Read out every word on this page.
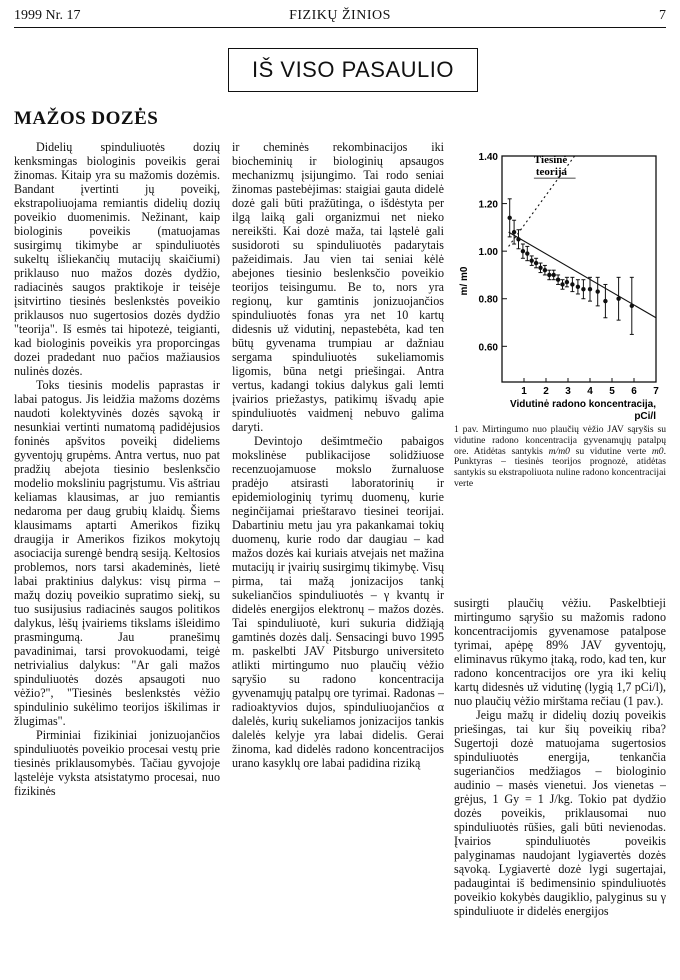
1999 Nr. 17	FIZIKŲ ŽINIOS	7
IŠ VISO PASAULIO
MAŽOS DOZĖS

Didelių spinduliuotės dozių kenksmingas biologinis poveikis gerai žinomas. Kitaip yra su mažomis dozėmis. Bandant įvertinti jų poveikį, ekstrapoliuojama remiantis didelių dozių poveikio duomenimis. Nežinant, kaip biologinis poveikis (matuojamas susirgimų tikimybe ar spinduliuotės sukeltų išliekančių mutacijų skaičiumi) priklauso nuo mažos dozės dydžio, radiacinės saugos praktikoje ir teisėje įsitvirtino tiesinės beslenkstės poveikio priklausos nuo sugertosios dozės dydžio "teorija". Iš esmės tai hipotezė, teigianti, kad biologinis poveikis yra proporcingas dozei pradedant nuo pačios mažiausios nulinės dozės.

Toks tiesinis modelis paprastas ir labai patogus. Jis leidžia mažoms dozėms naudoti kolektyvinės dozės sąvoką ir nesunkiai vertinti numatomą padidėjusios foninės apšvitos poveikį dideliems gyventojų grupėms. Antra vertus, nuo pat pradžių abejota tiesinio beslenksčio modelio moksliniu pagrįstumu. Vis aštriau keliamas klausimas, ar juo remiantis nedaroma per daug grubių klaidų. Šiems klausimams aptarti Amerikos fizikų draugija ir Amerikos fizikos mokytojų asociacija surengė bendrą sesiją. Keltosios problemos, nors tarsi akademinės, lietė labai praktinius dalykus: visų pirma – mažų dozių poveikio supratimo siekį, su tuo susijusius radiacinės saugos politikos dalykus, lėšų įvairiems tikslams išleidimo prasmingumą. Jau pranešimų pavadinimai, tarsi provokuodami, teigė netrivialius dalykus: "Ar gali mažos spinduliuotės dozės apsaugoti nuo vėžio?", "Tiesinės beslenkstės vėžio spindulinio sukėlimo teorijos iškilimas ir žlugimas".

Pirminiai fizikiniai jonizuojančios spinduliuotės poveikio procesai vestų prie tiesinės priklausomybės. Tačiau gyvojoje ląstelėje vyksta atsistatymo procesai, nuo fizikinės

ir cheminės rekombinacijos iki biocheminių ir biologinių apsaugos mechanizmų įsijungimo. Tai rodo seniai žinomas pastebėjimas: staigiai gauta didelė dozė gali būti pražūtinga, o išdėstyta per ilgą laiką gali organizmui net nieko nereikšti. Kai dozė maža, tai ląstelė gali susidoroti su spinduliuotės padarytais pažeidimais. Jau vien tai seniai kėlė abejones tiesinio beslenksčio poveikio teorijos teisingumu. Be to, nors yra regionų, kur gamtinis jonizuojančios spinduliuotės fonas yra net 10 kartų didesnis už vidutinį, nepastebėta, kad ten būtų gyvenama trumpiau ar dažniau sergama spinduliuotės sukeliamomis ligomis, būna netgi priešingai. Antra vertus, kadangi tokius dalykus gali lemti įvairios priežastys, patikimų išvadų apie spinduliuotės vaidmenį nebuvo galima daryti.

Devintojo dešimtmečio pabaigos mokslinėse publikacijose solidžiuose recenzuojamuose mokslo žurnaluose pradėjo atsirasti laboratorinių ir epidemiologinių tyrimų duomenų, kurie neginčijamai prieštaravo tiesinei teorijai. Dabartiniu metu jau yra pakankamai tokių duomenų, kurie rodo dar daugiau – kad mažos dozės kai kuriais atvejais net mažina mutacijų ir įvairių susirgimų tikimybę. Visų pirma, tai mažą jonizacijos tankį sukeliančios spinduliuotės – γ kvantų ir didelės energijos elektronų – mažos dozės. Tai spinduliuotė, kuri sukuria didžiąją gamtinės dozės dalį. Sensacingi buvo 1995 m. paskelbti JAV Pitsburgo universiteto atlikti mirtingumo nuo plaučių vėžio sąryšio su radono koncentracija gyvenamųjų patalpų ore tyrimai. Radonas – radioaktyvios dujos, spinduliuojančios α dalelės, kurių sukeliamos jonizacijos tankis dalelės kelyje yra labai didelis. Gerai žinoma, kad didelės radono koncentracijos urano kasyklų ore labai padidina riziką

0.60
0.80
1.00
1.20
1.40
1 2 3 4 5 6 7
m/ m0
Tiesinė
Vidutinė radono koncentracija,
pCi/l
teorija
1 pav. Mirtingumo nuo plaučių vėžio JAV sąryšis su vidutine radono koncentracija gyvenamųjų patalpų ore. Atidėtas santykis m/m0 su vidutine verte m0. Punktyras – tiesinės teorijos prognozė, atidėtas santykis su ekstrapoliuota nuline radono koncentracijai verte

susirgti plaučių vėžiu. Paskelbtieji mirtingumo sąryšio su mažomis radono koncentracijomis gyvenamose patalpose tyrimai, apėpę 89% JAV gyventojų, eliminavus rūkymo įtaką, rodo, kad ten, kur radono koncentracijos ore yra iki kelių kartų didesnės už vidutinę (lygią 1,7 pCi/l), nuo plaučių vėžio mirštama rečiau (1 pav.).

Jeigu mažų ir didelių dozių poveikis priešingas, tai kur šių poveikių riba? Sugertoji dozė matuojama sugertosios spinduliuotės energija, tenkančia sugeriančios medžiagos – biologinio audinio – masės vienetui. Jos vienetas – grėjus, 1 Gy = 1 J/kg. Tokio pat dydžio dozės poveikis, priklausomai nuo spinduliuotės rūšies, gali būti nevienodas. Įvairios spinduliuotės poveikis palyginamas naudojant lygiavertės dozės sąvoką. Lygiavertė dozė lygi sugertajai, padaugintai iš bedimensinio spinduliuotės poveikio kokybės daugiklio, palyginus su γ spinduliuote ir didelės energijos
